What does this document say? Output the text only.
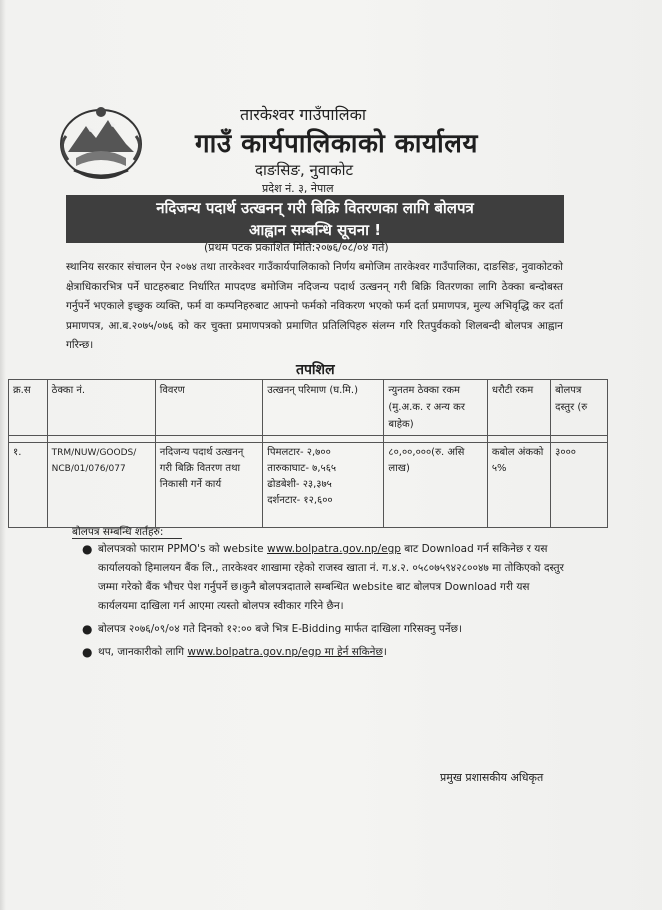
तारकेश्वर गाउँपालिका
गाउँ कार्यपालिकाको कार्यालय
दाङसिङ, नुवाकोट
प्रदेश नं. ३, नेपाल
नदिजन्य पदार्थ उत्खनन् गरी बिक्रि वितरणका लागि बोलपत्र
आह्वान सम्बन्धि सूचना !
(प्रथम पटक प्रकाशित मिति:२०७६/०८/०४ गते)
स्थानिय सरकार संचालन ऐन २०७४ तथा तारकेश्वर गाउँकार्यपालिकाको निर्णय बमोजिम तारकेश्वर गाउँपालिका, दाङसिङ, नुवाकोटको क्षेत्राधिकारभित्र पर्ने घाटहरुबाट निर्धारित मापदण्ड बमोजिम नदिजन्य पदार्थ उत्खनन् गरी बिक्रि वितरणका लागि ठेक्का बन्दोबस्त गर्नुपर्ने भएकाले इच्छुक व्यक्ति, फर्म वा कम्पनिहरुबाट आफ्नो फर्मको नविकरण भएको फर्म दर्ता प्रमाणपत्र, मुल्य अभिवृद्धि कर दर्ता प्रमाणपत्र, आ.ब.२०७५/०७६ को कर चुक्ता प्रमाणपत्रको प्रमाणित प्रतिलिपिहरु संलग्न गरि रितपुर्वकको शिलबन्दी बोलपत्र आह्वान गरिन्छ।
तपशिल
क्र.स	ठेक्का नं.	विवरण	उत्खनन् परिमाण (घ.मि.)	न्युनतम ठेक्का रकम (मु.अ.क. र अन्य कर बाहेक)	धरौटी रकम	बोलपत्र दस्तुर (रु

१.	TRM/NUW/GOODS/ NCB/01/076/077	नदिजन्य पदार्थ उत्खनन् गरी बिक्रि वितरण तथा निकासी गर्ने कार्य	पिमलटार- २,७००
तारुकाघाट- ७,५६५
ढोडबेशी- २३,३७५
दर्शनटार- १२,६००	८०,००,०००(रु. असि लाख)	कबोल अंकको ५%	३०००
बोलपत्र सम्बन्धि शर्तहरु:
● बोलपत्रको फाराम PPMO's को website www.bolpatra.gov.np/egp बाट Download गर्न सकिनेछ र यस कार्यालयको हिमालयन बैंक लि., तारकेश्वर शाखामा रहेको राजस्व खाता नं. ग.४.२. ०५८०७५९४२८००४७ मा तोकिएको दस्तुर जम्मा गरेको बैंक भौचर पेश गर्नुपर्ने छ।कुनै बोलपत्रदाताले सम्बन्धित website बाट बोलपत्र Download गरी यस कार्यलयमा दाखिला गर्न आएमा त्यस्तो बोलपत्र स्वीकार गरिने छैन।
● बोलपत्र २०७६/०९/०४ गते दिनको १२:०० बजे भित्र E-Bidding मार्फत दाखिला गरिसक्नु पर्नेछ।
● थप, जानकारीको लागि www.bolpatra.gov.np/egp मा हेर्न सकिनेछ।
प्रमुख प्रशासकीय अधिकृत
